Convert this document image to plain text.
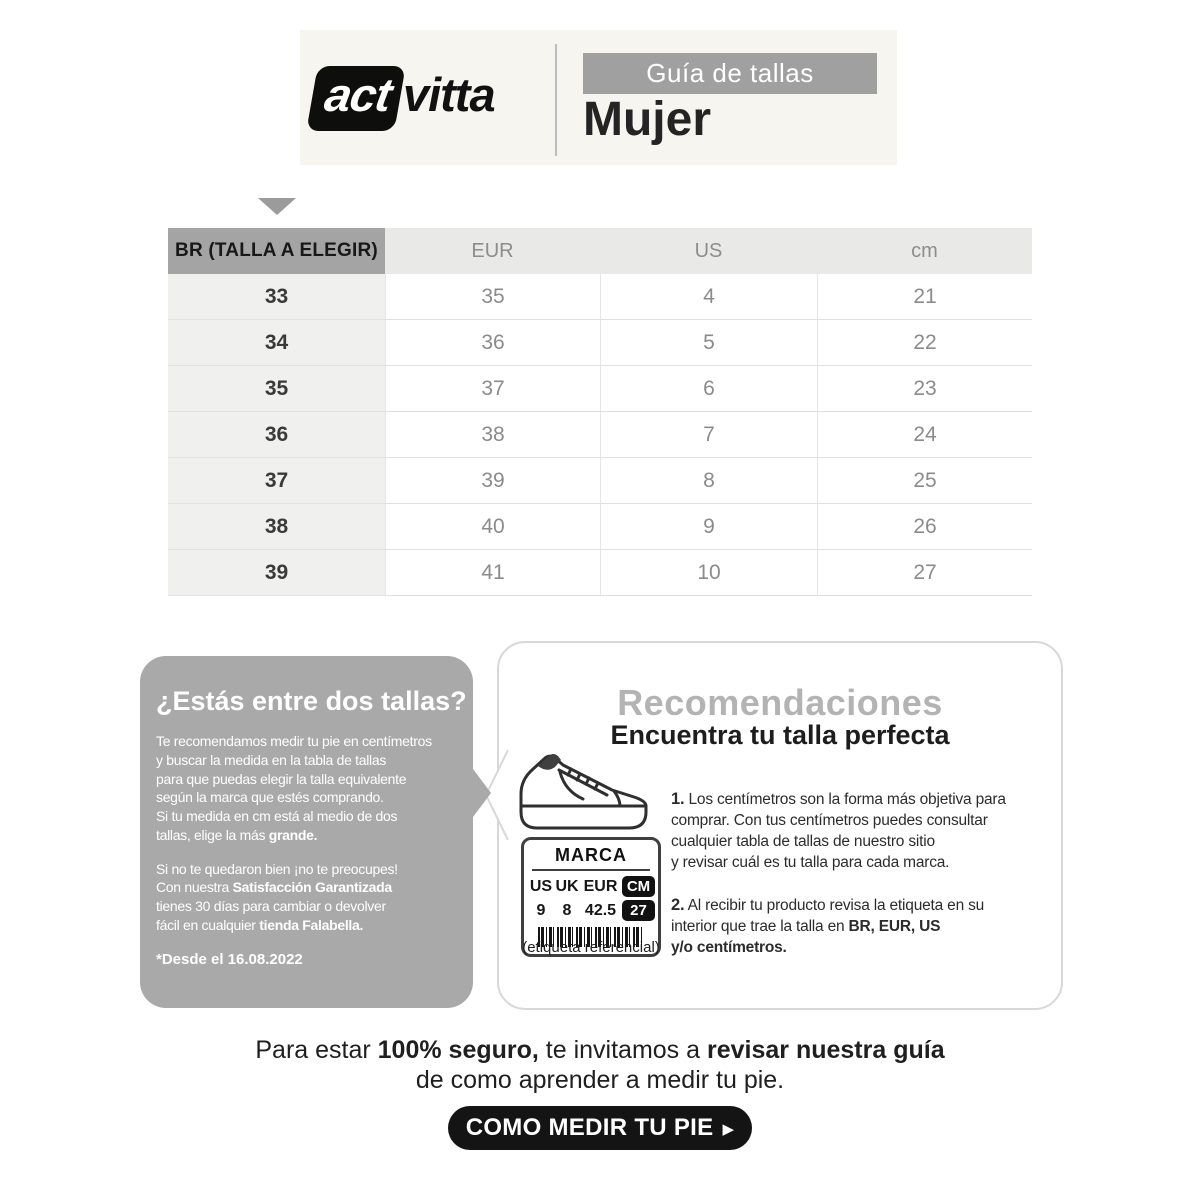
act vitta	Guía de tallas
Mujer
BR (TALLA A ELEGIR)	EUR	US	cm
33	35	4	21
34	36	5	22
35	37	6	23
36	38	7	24
37	39	8	25
38	40	9	26
39	41	10	27
Recomendaciones
Encuentra tu talla perfecta
MARCA
US UK EUR CM
9	8 42.5 27
(etiqueta referencial)
1. Los centímetros son la forma más objetiva para
comprar. Con tus centímetros puedes consultar
cualquier tabla de tallas de nuestro sitio
y revisar cuál es tu talla para cada marca.
2. Al recibir tu producto revisa la etiqueta en su
interior que trae la talla en BR, EUR, US
y/o centímetros.
¿Estás entre dos tallas?

Te recomendamos medir tu pie en centímetros
y buscar la medida en la tabla de tallas
para que puedas elegir la talla equivalente
según la marca que estés comprando.
Si tu medida en cm está al medio de dos
tallas, elige la más grande.

Si no te quedaron bien ¡no te preocupes!
Con nuestra Satisfacción Garantizada
tienes 30 días para cambiar o devolver
fácil en cualquier tienda Falabella.

*Desde el 16.08.2022
Para estar 100% seguro, te invitamos a revisar nuestra guía
de como aprender a medir tu pie.
COMO MEDIR TU PIE ▶
